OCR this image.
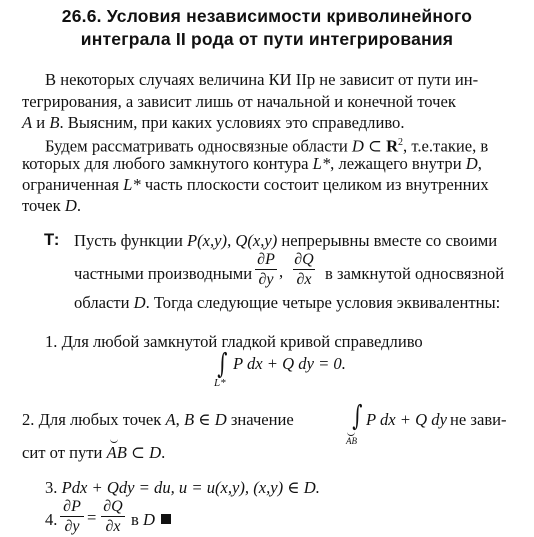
26.6. Условия независимости криволинейного
интеграла II рода от пути интегрирования
В некоторых случаях величина КИ IIр не зависит от пути ин-
тегрирования, а зависит лишь от начальной и конечной точек
A и B. Выясним, при каких условиях это справедливо.
Будем рассматривать односвязные области D ⊂ $R^2$, т.е.такие, в
которых для любого замкнутого контура L*, лежащего внутри D,
ограниченная L* часть плоскости состоит целиком из внутренних
точек D.
Т: Пусть функции P(x,y), Q(x,y) непрерывны вместе со своими
частными производными $\frac{\partial P}{\partial y}$ , $\frac{\partial Q}{\partial x}$ в замкнутой односвязной
области D. Тогда следующие четыре условия эквивалентны:
1. Для любой замкнутой гладкой кривой справедливо
∫
L*
P dx + Q dy = 0.
2. Для любых точек A, B ∈ D значение ∫
AB
P dx + Q dy не зави-
сит от пути
AB ⊂ D.
3. Pdx + Qdy = du, u = u(x,y), (x,y) ∈ D.
4. $\frac{\partial P}{\partial y} = \frac{\partial Q}{\partial x}$ в D
